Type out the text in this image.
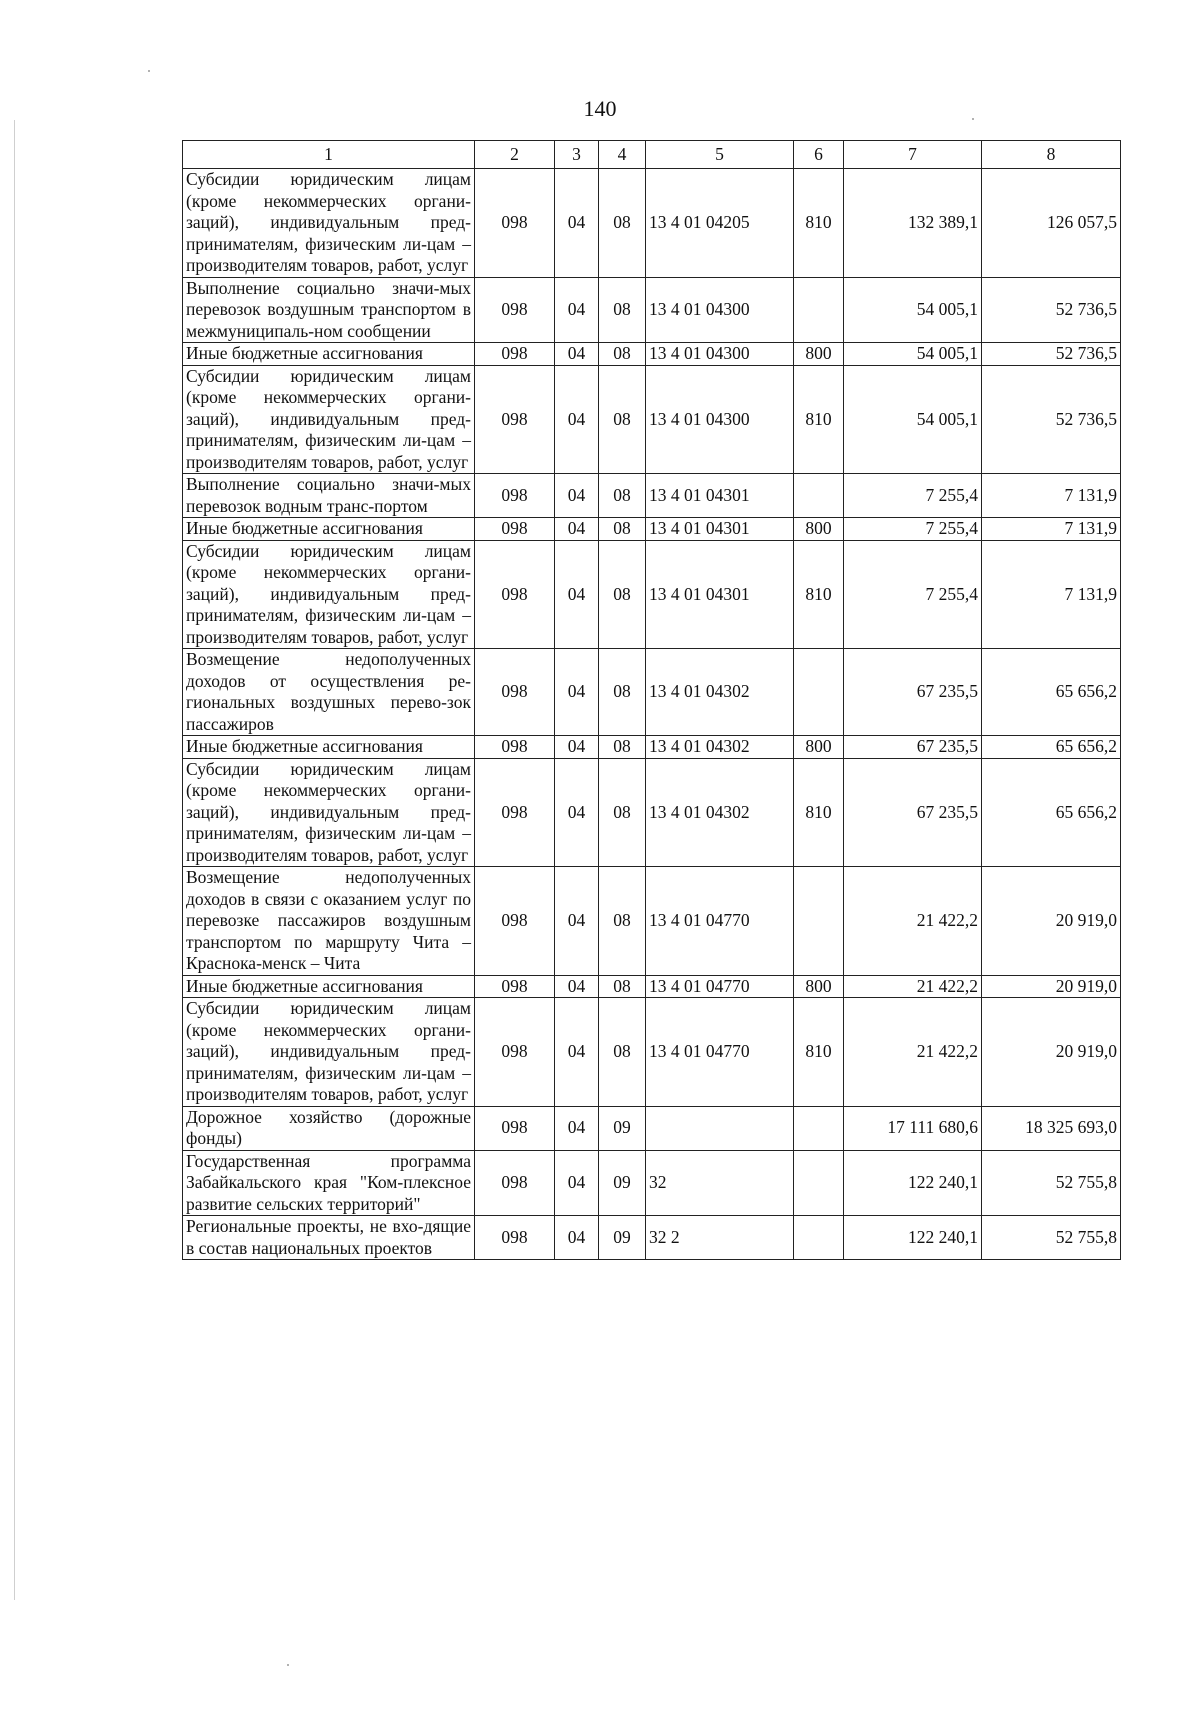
140
1	2	3	4	5	6	7	8
Субсидии юридическим лицам (кроме некоммерческих органи-заций), индивидуальным пред-принимателям, физическим ли-цам – производителям товаров, работ, услуг	098	04	08	13 4 01 04205	810	132 389,1	126 057,5
Выполнение социально значи-мых перевозок воздушным транспортом в межмуниципаль-ном сообщении	098	04	08	13 4 01 04300		54 005,1	52 736,5
Иные бюджетные ассигнования	098	04	08	13 4 01 04300	800	54 005,1	52 736,5
Субсидии юридическим лицам (кроме некоммерческих органи-заций), индивидуальным пред-принимателям, физическим ли-цам – производителям товаров, работ, услуг	098	04	08	13 4 01 04300	810	54 005,1	52 736,5
Выполнение социально значи-мых перевозок водным транс-портом	098	04	08	13 4 01 04301		7 255,4	7 131,9
Иные бюджетные ассигнования	098	04	08	13 4 01 04301	800	7 255,4	7 131,9
Субсидии юридическим лицам (кроме некоммерческих органи-заций), индивидуальным пред-принимателям, физическим ли-цам – производителям товаров, работ, услуг	098	04	08	13 4 01 04301	810	7 255,4	7 131,9
Возмещение недополученных доходов от осуществления ре-гиональных воздушных перево-зок пассажиров	098	04	08	13 4 01 04302		67 235,5	65 656,2
Иные бюджетные ассигнования	098	04	08	13 4 01 04302	800	67 235,5	65 656,2
Субсидии юридическим лицам (кроме некоммерческих органи-заций), индивидуальным пред-принимателям, физическим ли-цам – производителям товаров, работ, услуг	098	04	08	13 4 01 04302	810	67 235,5	65 656,2
Возмещение недополученных доходов в связи с оказанием услуг по перевозке пассажиров воздушным транспортом по маршруту Чита – Краснока-менск – Чита	098	04	08	13 4 01 04770		21 422,2	20 919,0
Иные бюджетные ассигнования	098	04	08	13 4 01 04770	800	21 422,2	20 919,0
Субсидии юридическим лицам (кроме некоммерческих органи-заций), индивидуальным пред-принимателям, физическим ли-цам – производителям товаров, работ, услуг	098	04	08	13 4 01 04770	810	21 422,2	20 919,0
Дорожное хозяйство (дорожные фонды)	098	04	09			17 111 680,6	18 325 693,0
Государственная программа Забайкальского края "Ком-плексное развитие сельских территорий"	098	04	09	32		122 240,1	52 755,8
Региональные проекты, не вхо-дящие в состав национальных проектов	098	04	09	32 2		122 240,1	52 755,8
